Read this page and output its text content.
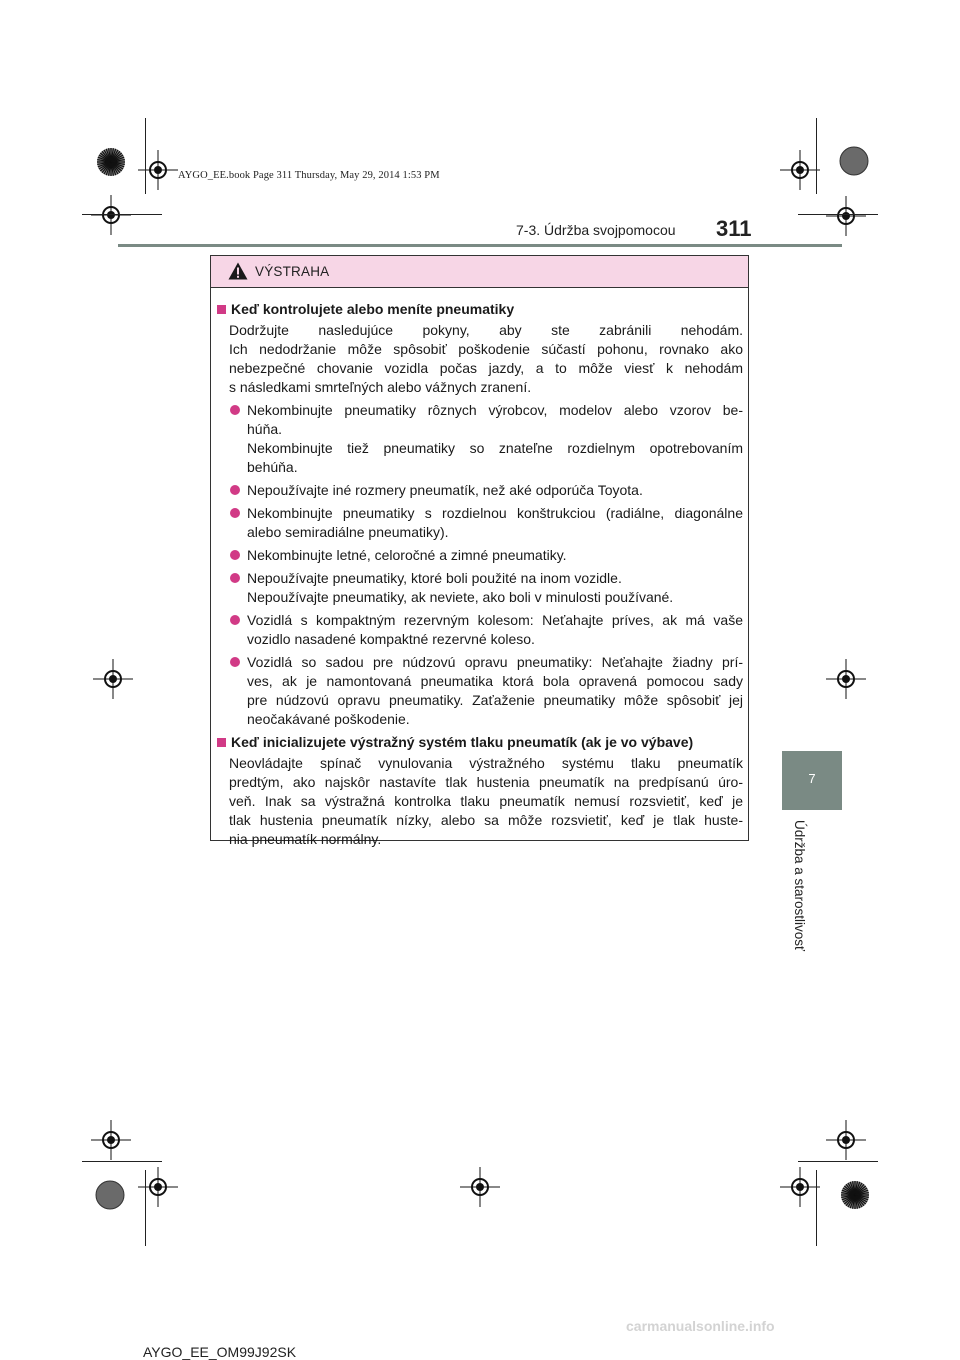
AYGO_EE.book Page 311 Thursday, May 29, 2014 1:53 PM
7-3. Údržba svojpomocou 311
7
Údržba a starostlivosť
VÝSTRAHA
Keď kontrolujete alebo meníte pneumatiky
Dodržujte nasledujúce pokyny, aby ste zabránili nehodám.
Ich nedodržanie môže spôsobiť poškodenie súčastí pohonu, rovnako ako
nebezpečné chovanie vozidla počas jazdy, a to môže viesť k nehodám
s následkami smrteľných alebo vážnych zranení.
Nekombinujte pneumatiky rôznych výrobcov, modelov alebo vzorov be-
húňa.
Nekombinujte tiež pneumatiky so znateľne rozdielnym opotrebovaním
behúňa.
Nepoužívajte iné rozmery pneumatík, než aké odporúča Toyota.
Nekombinujte pneumatiky s rozdielnou konštrukciou (radiálne, diagonálne
alebo semiradiálne pneumatiky).
Nekombinujte letné, celoročné a zimné pneumatiky.
Nepoužívajte pneumatiky, ktoré boli použité na inom vozidle.
Nepoužívajte pneumatiky, ak neviete, ako boli v minulosti používané.
Vozidlá s kompaktným rezervným kolesom: Neťahajte príves, ak má vaše
vozidlo nasadené kompaktné rezervné koleso.
Vozidlá so sadou pre núdzovú opravu pneumatiky: Neťahajte žiadny prí-
ves, ak je namontovaná pneumatika ktorá bola opravená pomocou sady
pre núdzovú opravu pneumatiky. Zaťaženie pneumatiky môže spôsobiť jej
neočakávané poškodenie.
Keď inicializujete výstražný systém tlaku pneumatík (ak je vo výbave)
Neovládajte spínač vynulovania výstražného systému tlaku pneumatík
predtým, ako najskôr nastavíte tlak hustenia pneumatík na predpísanú úro-
veň. Inak sa výstražná kontrolka tlaku pneumatík nemusí rozsvietiť, keď je
tlak hustenia pneumatík nízky, alebo sa môže rozsvietiť, keď je tlak huste-
nia pneumatík normálny.
AYGO_EE_OM99J92SK
carmanualsonline.info
